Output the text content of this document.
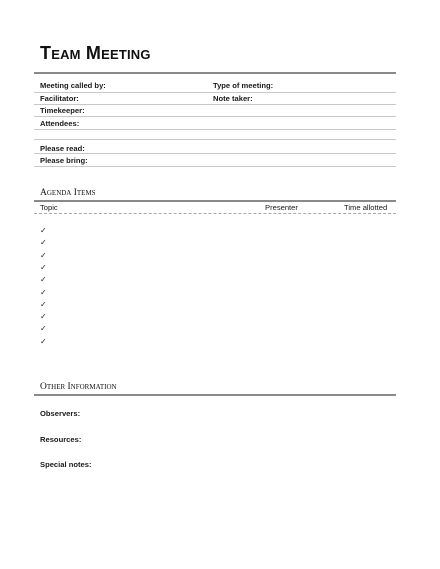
Team Meeting
Meeting called by:	Type of meeting:
Facilitator:	Note taker:
Timekeeper:
Attendees:
Please read:
Please bring:
Agenda Items
Topic	Presenter	Time allotted
✓
✓
✓
✓
✓
✓
✓
✓
✓
✓
Other Information
Observers:
Resources:
Special notes:
